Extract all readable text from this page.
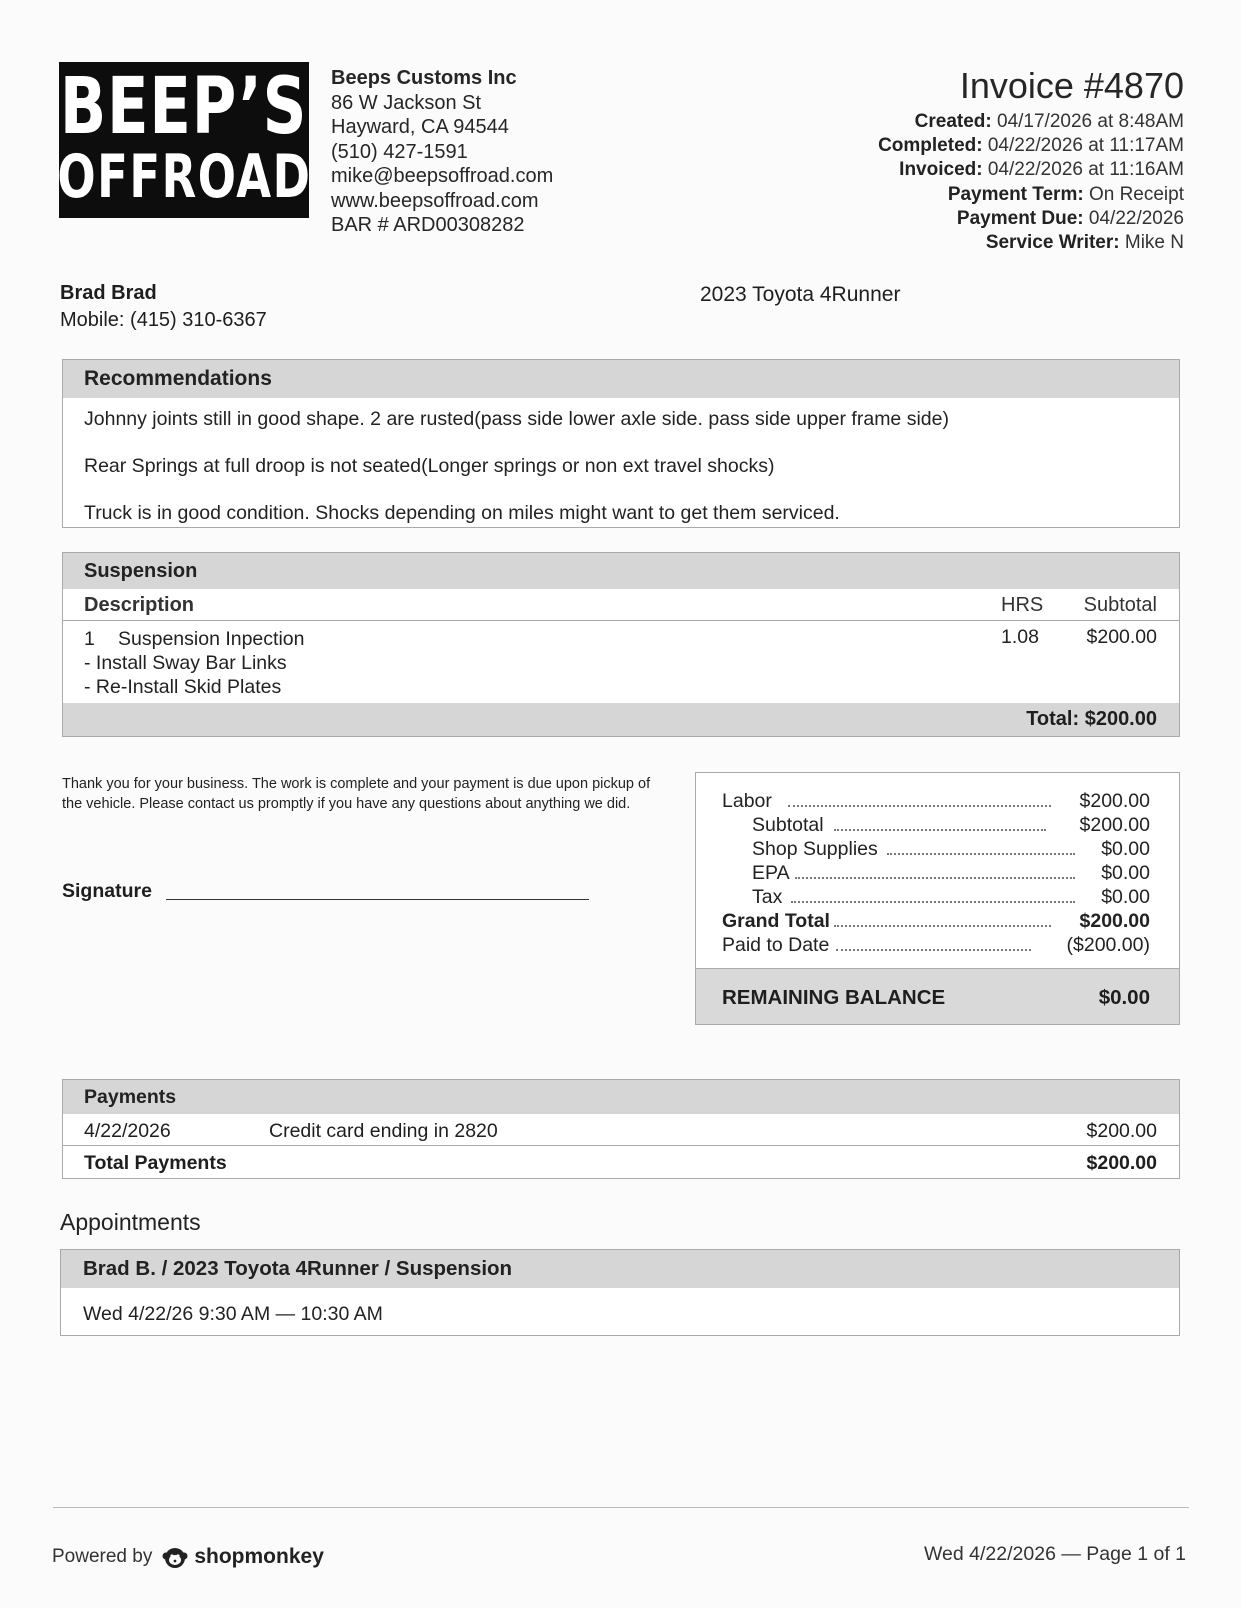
BEEP’S
OFFROAD
Beeps Customs Inc
86 W Jackson St
Hayward, CA 94544
(510) 427-1591
mike@beepsoffroad.com
www.beepsoffroad.com
BAR # ARD00308282
Invoice #4870
Created: 04/17/2026 at 8:48AM
Completed: 04/22/2026 at 11:17AM
Invoiced: 04/22/2026 at 11:16AM
Payment Term: On Receipt
Payment Due: 04/22/2026
Service Writer: Mike N
Brad Brad
Mobile: (415) 310-6367
2023 Toyota 4Runner
Recommendations

Johnny joints still in good shape. 2 are rusted(pass side lower axle side. pass side upper frame side)

Rear Springs at full droop is not seated(Longer springs or non ext travel shocks)

Truck is in good condition. Shocks depending on miles might want to get them serviced.

Suspension
Description	HRS Subtotal
1 Suspension Inpection
- Install Sway Bar Links
- Re-Install Skid Plates
1.08 $200.00
Total: $200.00
Thank you for your business. The work is complete and your payment is due upon pickup of the vehicle. Please contact us promptly if you have any questions about anything we did.
Signature
Labor	$200.00
Subtotal	$200.00
Shop Supplies	$0.00
EPA	$0.00
Tax	$0.00
Grand Total	$200.00
Paid to Date	($200.00)
REMAINING BALANCE	$0.00
Payments
4/22/2026	Credit card ending in 2820	$200.00
Total Payments	$200.00
Appointments
Brad B. / 2023 Toyota 4Runner / Suspension
Wed 4/22/26 9:30 AM — 10:30 AM
Powered by shopmonkey	Wed 4/22/2026 — Page 1 of 1
